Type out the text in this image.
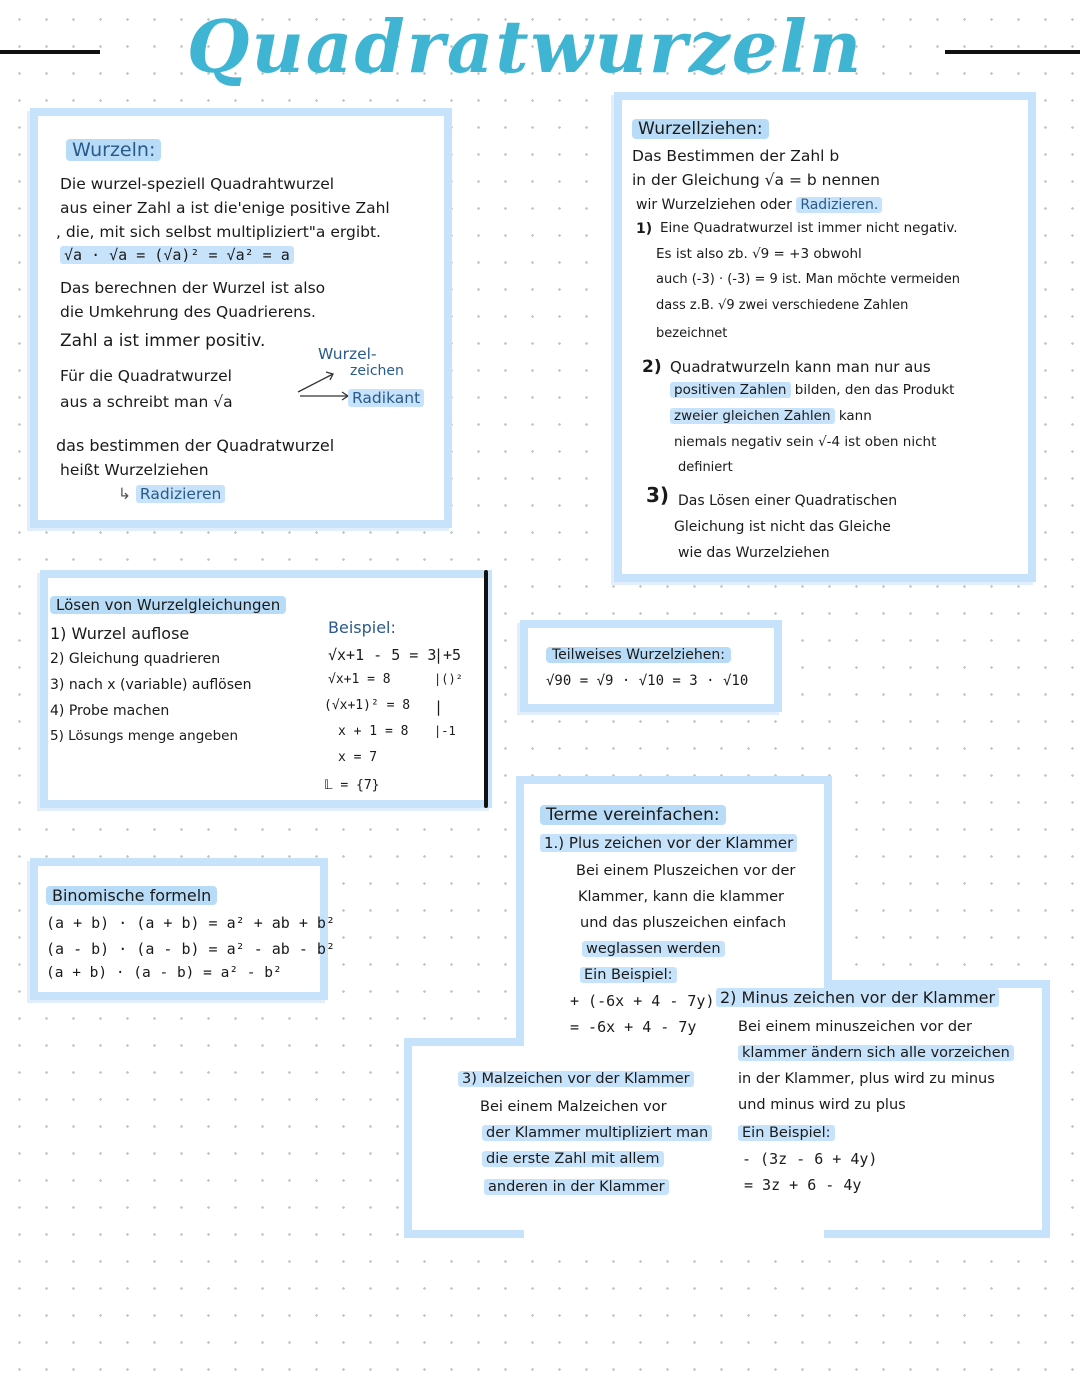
Quadratwurzeln
Wurzeln:
Die wurzel-speziell Quadrahtwurzel
aus einer Zahl a ist die'enige positive Zahl
, die, mit sich selbst multipliziert"a ergibt.
√a · √a = (√a)² = √a² = a
Das berechnen der Wurzel ist also
die Umkehrung des Quadrierens.
Zahl a ist immer positiv.
Für die Quadratwurzel
aus a schreibt man √a
Wurzel-
zeichen
Radikant
das bestimmen der Quadratwurzel
heißt Wurzelziehen
↳ Radizieren
Wurzellziehen:
Das Bestimmen der Zahl b
in der Gleichung √a = b nennen
wir Wurzelziehen oder Radizieren.
1) Eine Quadratwurzel ist immer nicht negativ.
Es ist also zb. √9 = +3 obwohl
auch (-3) · (-3) = 9 ist. Man möchte vermeiden
dass z.B. √9 zwei verschiedene Zahlen
bezeichnet
2) Quadratwurzeln kann man nur aus
positiven Zahlen bilden, den das Produkt
zweier gleichen Zahlen kann
niemals negativ sein √-4 ist oben nicht
definiert
3) Das Lösen einer Quadratischen
Gleichung ist nicht das Gleiche
wie das Wurzelziehen
Lösen von Wurzelgleichungen
1) Wurzel auflose
2) Gleichung quadrieren
3) nach x (variable) auflösen
4) Probe machen
5) Lösungs menge angeben
Beispiel:
√x+1 - 5 = 3
√x+1 = 8
(√x+1)² = 8
x + 1 = 8
x = 7
𝕃 = {7}
|+5
|()²
|
|-1
Teilweises Wurzelziehen:
√90 = √9 · √10 = 3 · √10
Binomische formeln
(a + b) · (a + b) = a² + ab + b²
(a - b) · (a - b) = a² - ab - b²
(a + b) · (a - b) = a² - b²
Terme vereinfachen:
1.) Plus zeichen vor der Klammer
Bei einem Pluszeichen vor der
Klammer, kann die klammer
und das pluszeichen einfach
weglassen werden
Ein Beispiel:
+ (-6x + 4 - 7y)
= -6x + 4 - 7y
2) Minus zeichen vor der Klammer
Bei einem minuszeichen vor der
klammer ändern sich alle vorzeichen
in der Klammer, plus wird zu minus
und minus wird zu plus
Ein Beispiel:
- (3z - 6 + 4y)
= 3z + 6 - 4y
3) Malzeichen vor der Klammer
Bei einem Malzeichen vor
der Klammer multipliziert man
die erste Zahl mit allem
anderen in der Klammer
